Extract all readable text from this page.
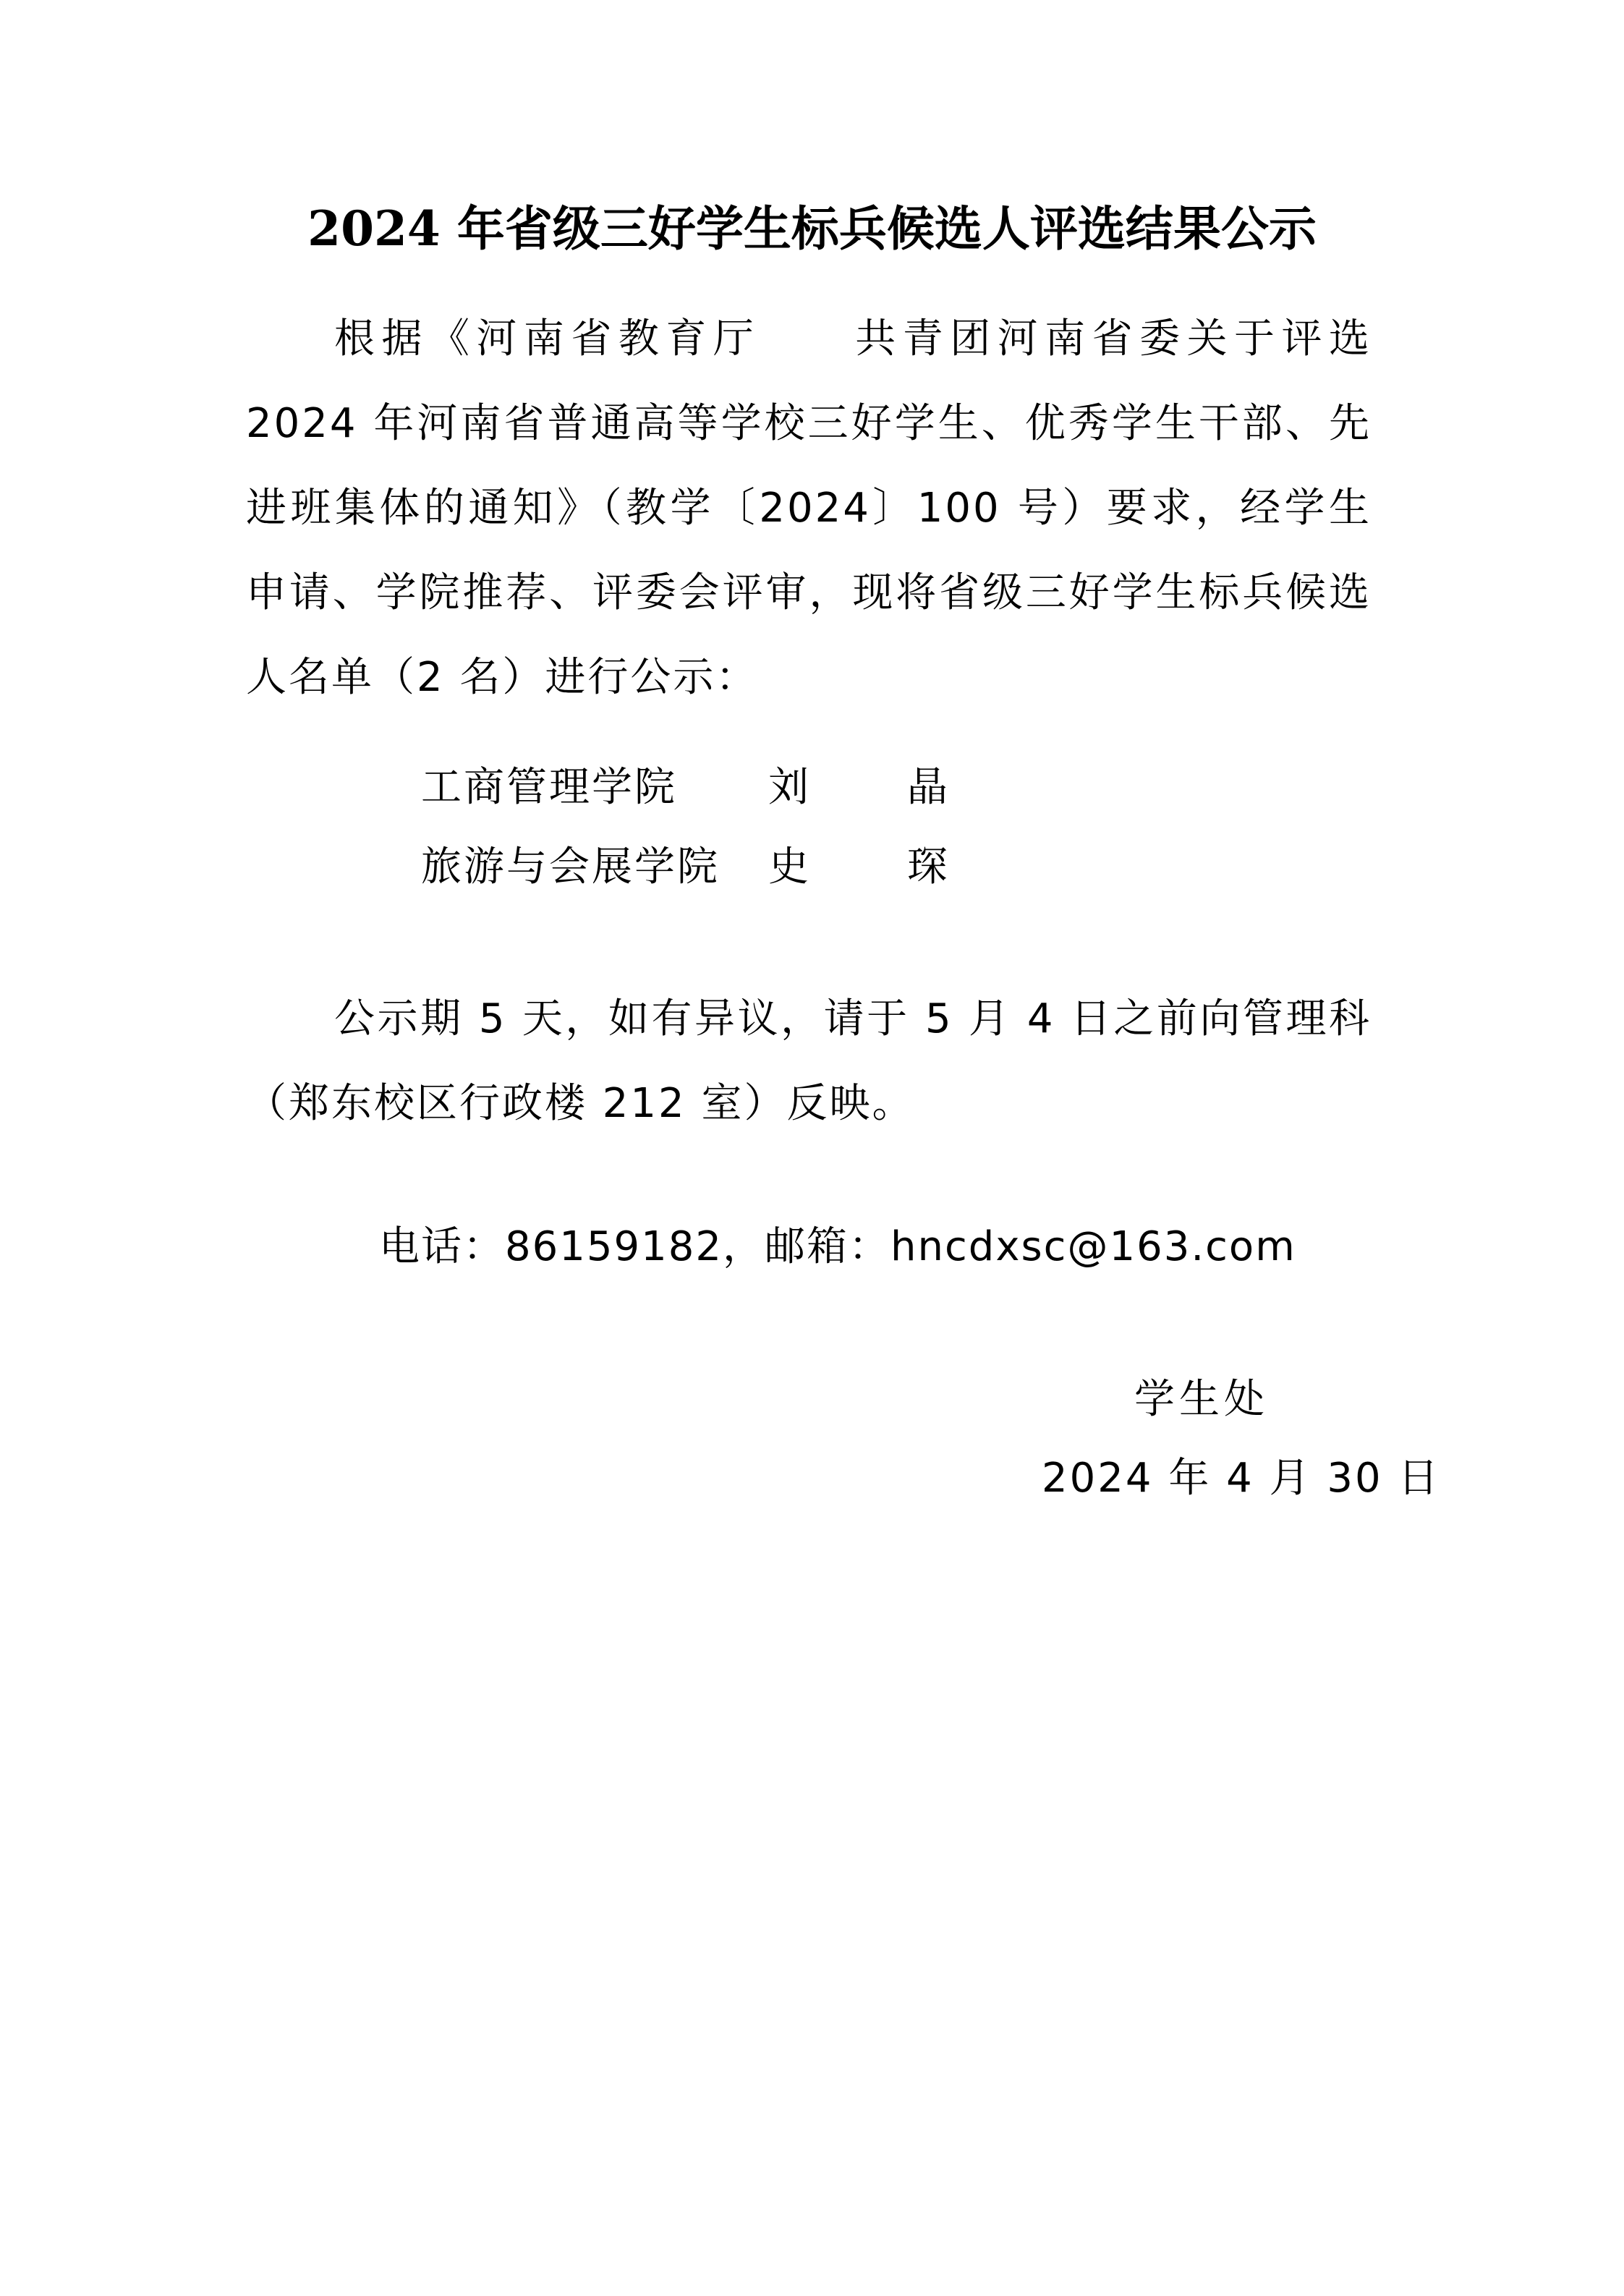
2024 年省级三好学生标兵候选人评选结果公示

根据《河南省教育厅　　共青团河南省委关于评选 2024 年河南省普通高等学校三好学生、优秀学生干部、先进班集体的通知》（教学〔2024〕100 号）要求，经学生申请、学院推荐、评委会评审，现将省级三好学生标兵候选人名单（2 名）进行公示：

工商管理学院 刘　晶
旅游与会展学院 史　琛

公示期 5 天，如有异议，请于 5 月 4 日之前向管理科（郑东校区行政楼 212 室）反映。

电话：86159182，邮箱：hncdxsc@163.com
学生处
2024 年 4 月 30 日
